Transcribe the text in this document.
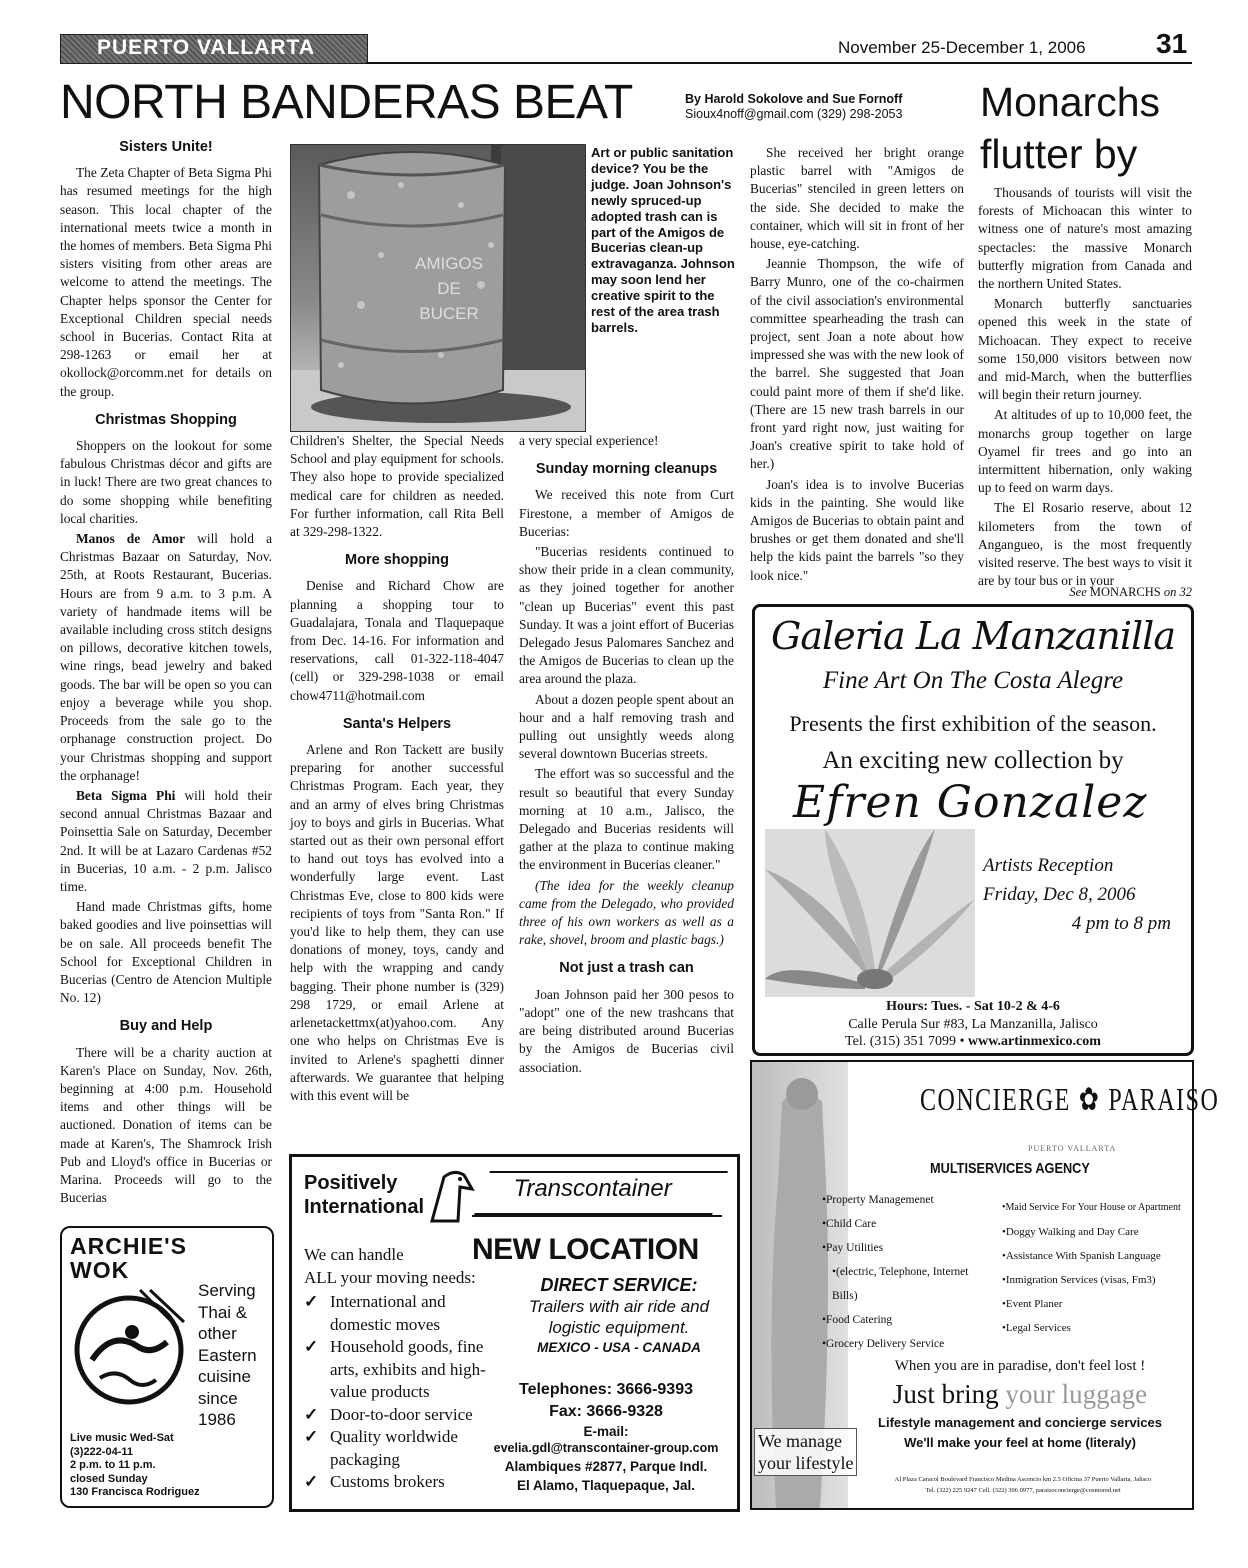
PUERTO VALLARTA	November 25-December 1, 2006	31
NORTH BANDERAS BEAT	By Harold Sokolove and Sue Fornoff
Sioux4noff@gmail.com (329) 298-2053
Sisters Unite!

The Zeta Chapter of Beta Sigma Phi has resumed meetings for the high season. This local chapter of the international meets twice a month in the homes of members. Beta Sigma Phi sisters visiting from other areas are welcome to attend the meetings. The Chapter helps sponsor the Center for Exceptional Children special needs school in Bucerias. Contact Rita at 298-1263 or email her at okollock@orcomm.net for details on the group.

Christmas Shopping

Shoppers on the lookout for some fabulous Christmas décor and gifts are in luck! There are two great chances to do some shopping while benefiting local charities.

Manos de Amor will hold a Christmas Bazaar on Saturday, Nov. 25th, at Roots Restaurant, Bucerias. Hours are from 9 a.m. to 3 p.m. A variety of handmade items will be available including cross stitch designs on pillows, decorative kitchen towels, wine rings, bead jewelry and baked goods. The bar will be open so you can enjoy a beverage while you shop. Proceeds from the sale go to the orphanage construction project. Do your Christmas shopping and support the orphanage!

Beta Sigma Phi will hold their second annual Christmas Bazaar and Poinsettia Sale on Saturday, December 2nd. It will be at Lazaro Cardenas #52 in Bucerias, 10 a.m. - 2 p.m. Jalisco time.

Hand made Christmas gifts, home baked goodies and live poinsettias will be on sale. All proceeds benefit The School for Exceptional Children in Bucerias (Centro de Atencion Multiple No. 12)

Buy and Help

There will be a charity auction at Karen's Place on Sunday, Nov. 26th, beginning at 4:00 p.m. Household items and other things will be auctioned. Donation of items can be made at Karen's, The Shamrock Irish Pub and Lloyd's office in Bucerias or Marina. Proceeds will go to the Bucerias

ARCHIE'S
WOK
Serving
Thai &
other
Eastern
cuisine
since
1986
Live music Wed-Sat
(3)222-04-11
2 p.m. to 11 p.m.
closed Sunday
130 Francisca Rodriguez
AMIGOS
DE
BUCER
Art or public sanitation device? You be the judge. Joan Johnson's newly spruced-up adopted trash can is part of the Amigos de Bucerias clean-up extravaganza. Johnson may soon lend her creative spirit to the rest of the area trash barrels.

Children's Shelter, the Special Needs School and play equipment for schools. They also hope to provide specialized medical care for children as needed. For further information, call Rita Bell at 329-298-1322.

More shopping

Denise and Richard Chow are planning a shopping tour to Guadalajara, Tonala and Tlaquepaque from Dec. 14-16. For information and reservations, call 01-322-118-4047 (cell) or 329-298-1038 or email chow4711@hotmail.com

Santa's Helpers

Arlene and Ron Tackett are busily preparing for another successful Christmas Program. Each year, they and an army of elves bring Christmas joy to boys and girls in Bucerias. What started out as their own personal effort to hand out toys has evolved into a wonderfully large event. Last Christmas Eve, close to 800 kids were recipients of toys from "Santa Ron." If you'd like to help them, they can use donations of money, toys, candy and help with the wrapping and candy bagging. Their phone number is (329) 298 1729, or email Arlene at arlenetackettmx(at)yahoo.com. Any one who helps on Christmas Eve is invited to Arlene's spaghetti dinner afterwards. We guarantee that helping with this event will be

a very special experience!

Sunday morning cleanups

We received this note from Curt Firestone, a member of Amigos de Bucerias:

"Bucerias residents continued to show their pride in a clean community, as they joined together for another "clean up Bucerias" event this past Sunday. It was a joint effort of Bucerias Delegado Jesus Palomares Sanchez and the Amigos de Bucerias to clean up the area around the plaza.

About a dozen people spent about an hour and a half removing trash and pulling out unsightly weeds along several downtown Bucerias streets.

The effort was so successful and the result so beautiful that every Sunday morning at 10 a.m., Jalisco, the Delegado and Bucerias residents will gather at the plaza to continue making the environment in Bucerias cleaner."

(The idea for the weekly cleanup came from the Delegado, who provided three of his own workers as well as a rake, shovel, broom and plastic bags.)

Not just a trash can

Joan Johnson paid her 300 pesos to "adopt" one of the new trashcans that are being distributed around Bucerias by the Amigos de Bucerias civil association.

She received her bright orange plastic barrel with "Amigos de Bucerias" stenciled in green letters on the side. She decided to make the container, which will sit in front of her house, eye-catching.

Jeannie Thompson, the wife of Barry Munro, one of the co-chairmen of the civil association's environmental committee spearheading the trash can project, sent Joan a note about how impressed she was with the new look of the barrel. She suggested that Joan could paint more of them if she'd like. (There are 15 new trash barrels in our front yard right now, just waiting for Joan's creative spirit to take hold of her.)

Joan's idea is to involve Bucerias kids in the painting. She would like Amigos de Bucerias to obtain paint and brushes or get them donated and she'll help the kids paint the barrels "so they look nice."

Monarchs
flutter by

Thousands of tourists will visit the forests of Michoacan this winter to witness one of nature's most amazing spectacles: the massive Monarch butterfly migration from Canada and the northern United States.

Monarch butterfly sanctuaries opened this week in the state of Michoacan. They expect to receive some 150,000 visitors between now and mid-March, when the butterflies will begin their return journey.

At altitudes of up to 10,000 feet, the monarchs group together on large Oyamel fir trees and go into an intermittent hibernation, only waking up to feed on warm days.

The El Rosario reserve, about 12 kilometers from the town of Angangueo, is the most frequently visited reserve. The best ways to visit it are by tour bus or in your

See MONARCHS on 32
Galeria La Manzanilla
Fine Art On The Costa Alegre
Presents the first exhibition of the season.
An exciting new collection by
Efren Gonzalez
Artists Reception
Friday, Dec 8, 2006
4 pm to 8 pm
Hours: Tues. - Sat 10-2 & 4-6
Calle Perula Sur #83, La Manzanilla, Jalisco
Tel. (315) 351 7099 • www.artinmexico.com
Positively
International
Transcontainer
NEW LOCATION
We can handle
ALL your moving needs:
✓ International and domestic moves
✓ Household goods, fine arts, exhibits and high-value products
✓ Door-to-door service
✓ Quality worldwide packaging
✓ Customs brokers
DIRECT SERVICE:
Trailers with air ride and logistic equipment.
MEXICO - USA - CANADA
Telephones: 3666-9393
Fax: 3666-9328
E-mail:
evelia.gdl@transcontainer-group.com
Alambiques #2877, Parque Indl.
El Alamo, Tlaquepaque, Jal.
CONCIERGE ✿ PARAISO
PUERTO VALLARTA
MULTISERVICES AGENCY
• Property Managemenet
• Child Care
• Pay Utilities
• (electric, Telephone, Internet Bills)
• Food Catering
• Grocery Delivery Service
• Maid Service For Your House or Apartment
• Doggy Walking and Day Care
• Assistance With Spanish Language
• Inmigration Services (visas, Fm3)
• Event Planer
• Legal Services
When you are in paradise, don't feel lost !
Just bring your luggage
Lifestyle management and concierge services
We'll make your feel at home (literaly)
We manage
your lifestyle
Al Plaza Caracol Boulevard Francisco Medina Ascencio km 2.5 Oficina 37 Puerto Vallarta, Jalisco
Tel. (322) 225 9247 Cell. (322) 306 0977, paraisoconcierge@cosmored.net
